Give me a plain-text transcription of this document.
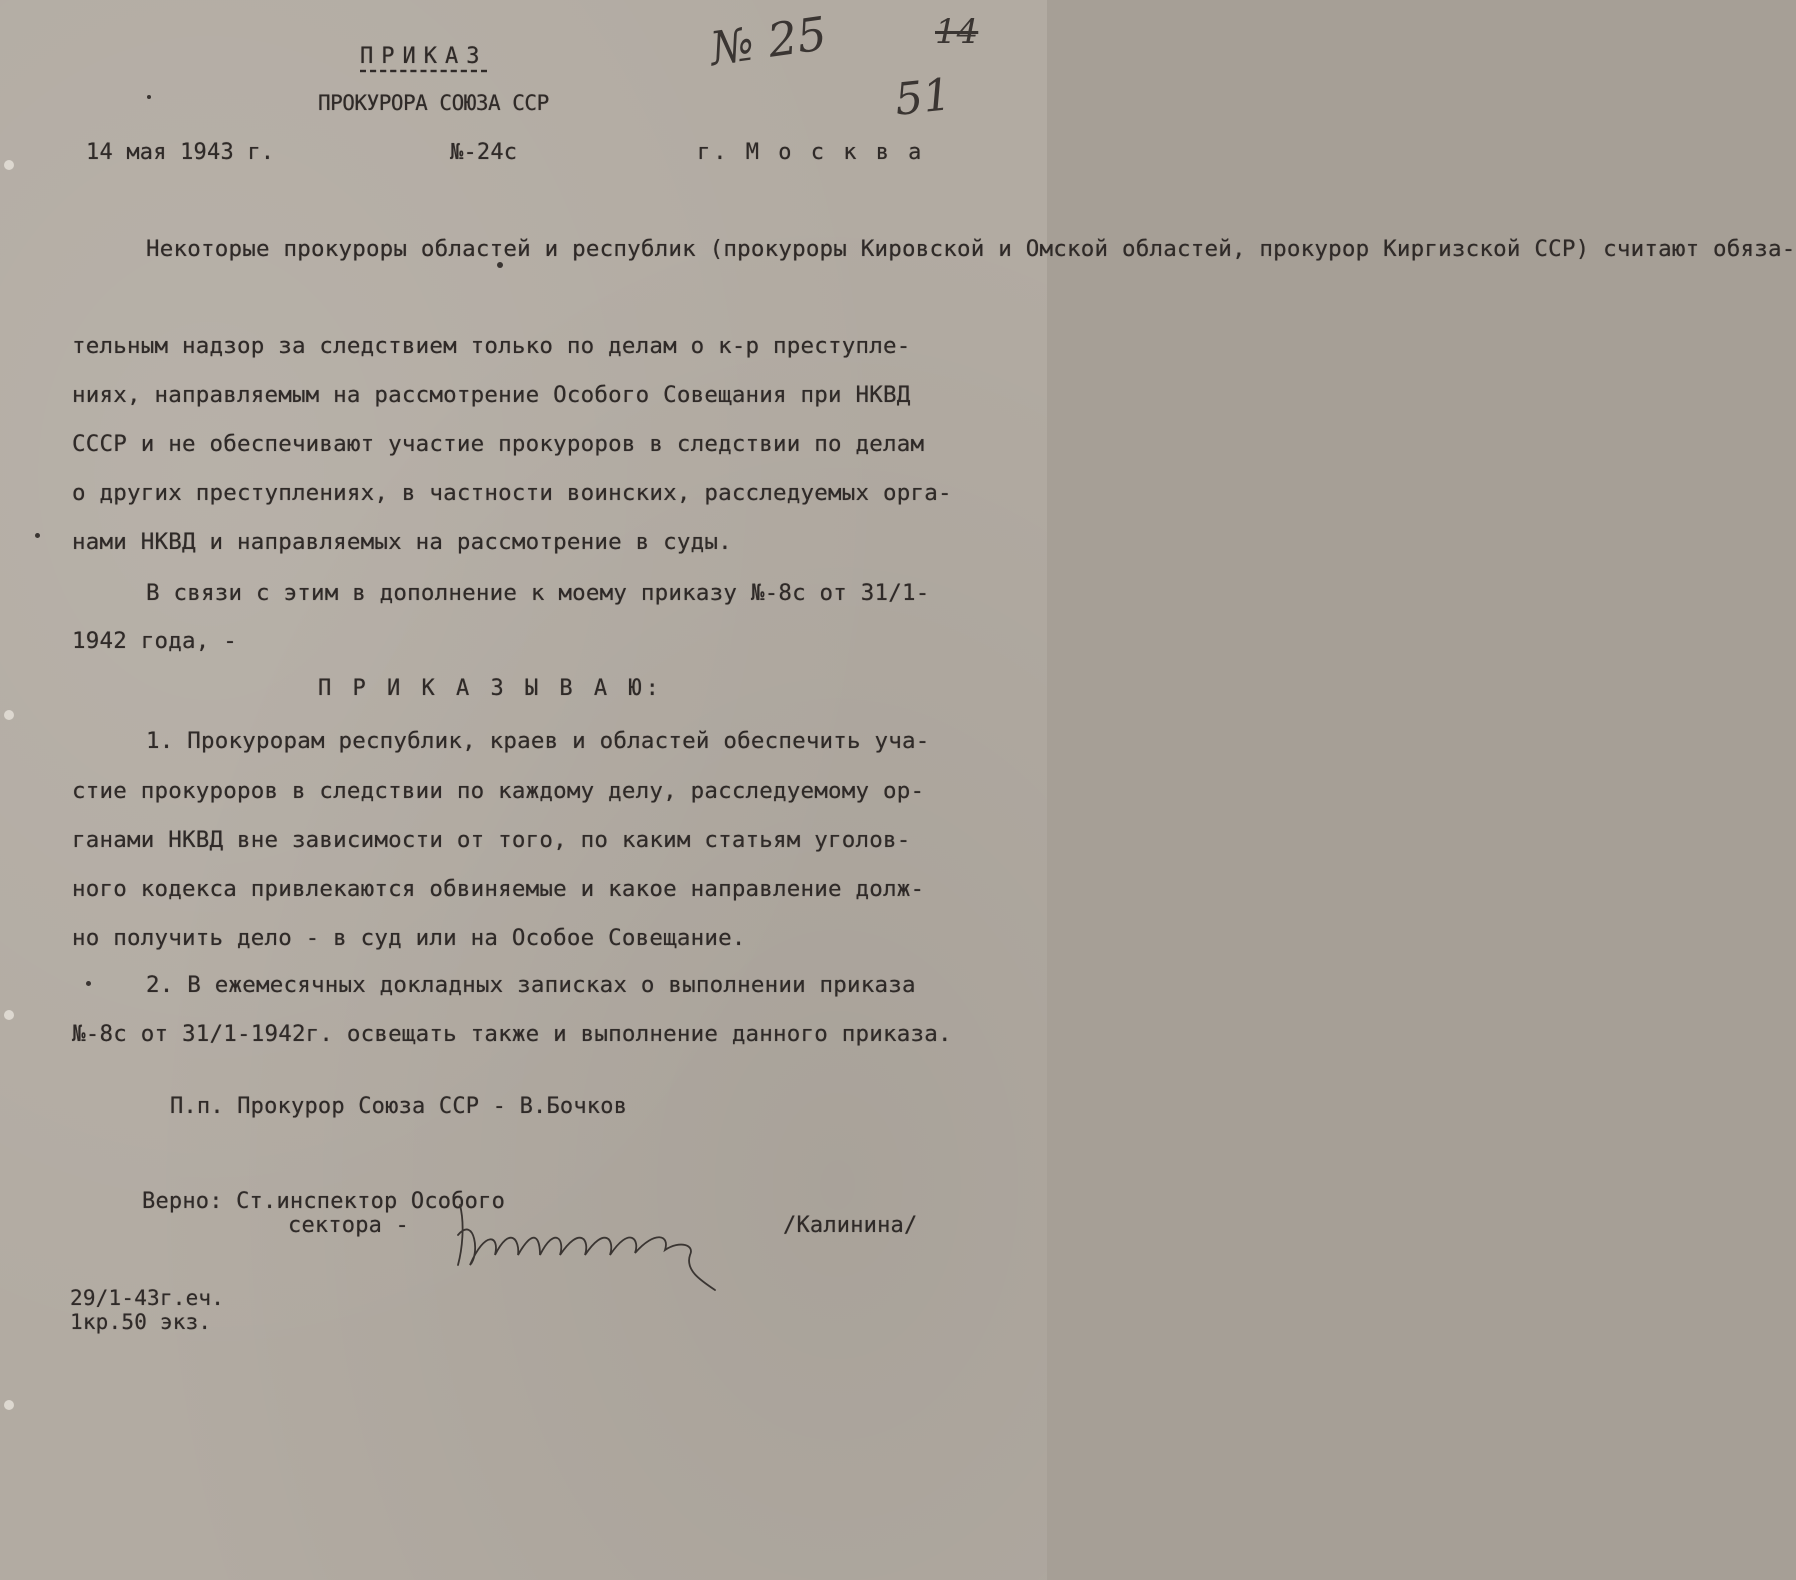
ПРИКАЗ
ПРОКУРОРА СОЮЗА ССР
14 мая 1943 г.	№-24с	г. М о с к в а
№ 25	14
51
Некоторые прокуроры областей и республик (прокуроры Кировской и Омской областей, прокурор Киргизской ССР) считают обяза-
тельным надзор за следствием только по делам о к-р преступле-
ниях, направляемым на рассмотрение Особого Совещания при НКВД
СССР и не обеспечивают участие прокуроров в следствии по делам
о других преступлениях, в частности воинских, расследуемых орга-
нами НКВД и направляемых на рассмотрение в суды.
В связи с этим в дополнение к моему приказу №-8с от 31/1-
1942 года, -
П Р И К А З Ы В А Ю:
1. Прокурорам республик, краев и областей обеспечить уча-
стие прокуроров в следствии по каждому делу, расследуемому ор-
ганами НКВД вне зависимости от того, по каким статьям уголов-
ного кодекса привлекаются обвиняемые и какое направление долж-
но получить дело - в суд или на Особое Совещание.
2. В ежемесячных докладных записках о выполнении приказа
№-8с от 31/1-1942г. освещать также и выполнение данного приказа.
П.п. Прокурор Союза ССР - В.Бочков
Верно: Ст.инспектор Особого
сектора -	/Калинина/
29/1-43г.еч.
1кр.50 экз.
